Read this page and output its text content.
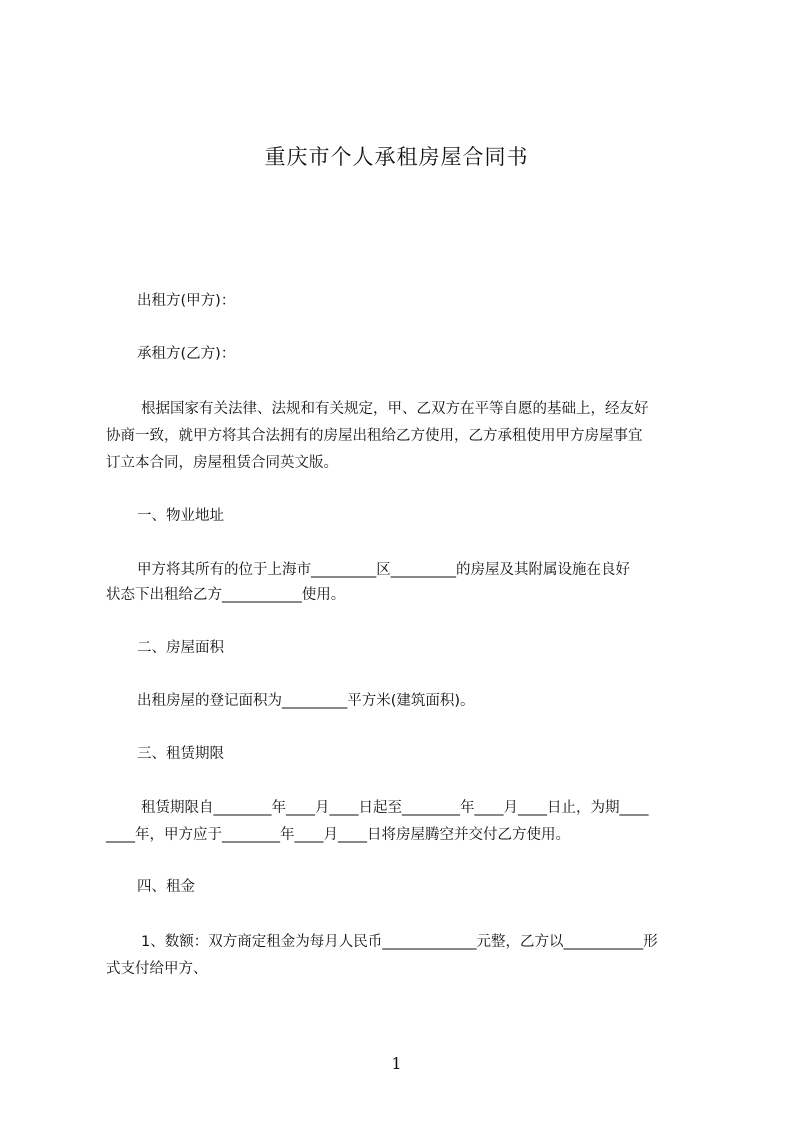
重庆市个人承租房屋合同书
出租方(甲方)：
承租方(乙方)：
根据国家有关法律、法规和有关规定，甲、乙双方在平等自愿的基础上，经友好
协商一致，就甲方将其合法拥有的房屋出租给乙方使用，乙方承租使用甲方房屋事宜
订立本合同，房屋租赁合同英文版。
一、物业地址
甲方将其所有的位于上海市_________区_________的房屋及其附属设施在良好
状态下出租给乙方___________使用。
二、房屋面积
出租房屋的登记面积为_________平方米(建筑面积)。
三、租赁期限
租赁期限自________年____月____日起至________年____月____日止，为期____
____年，甲方应于________年____月____日将房屋腾空并交付乙方使用。
四、租金
1、数额：双方商定租金为每月人民币_____________元整，乙方以___________形
式支付给甲方、
1
